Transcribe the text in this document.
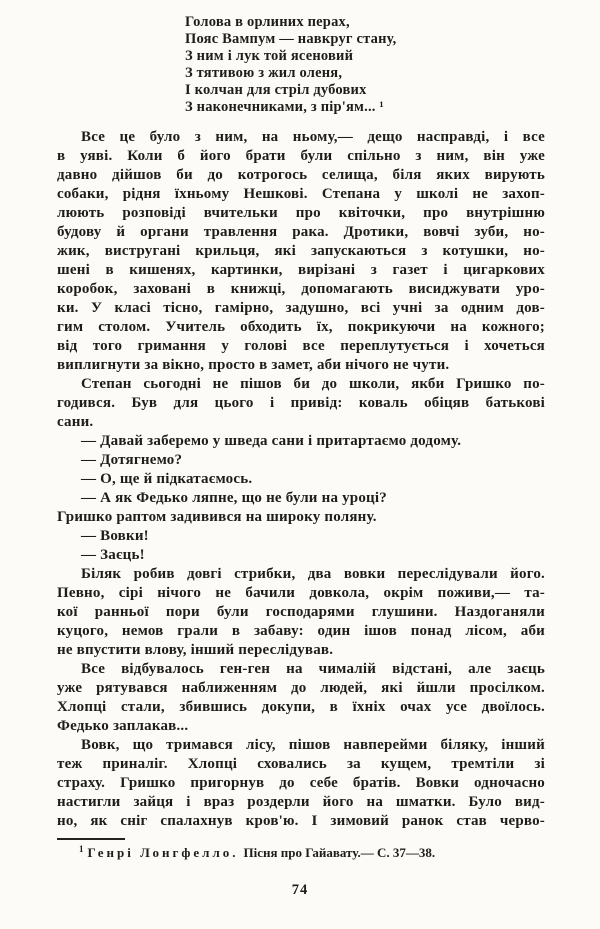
Голова в орлиних перах,
Пояс Вампум — навкруг стану,
З ним і лук той ясеновий
З тятивою з жил оленя,
І колчан для стріл дубових
З наконечниками, з пір'ям... ¹
Все це було з ним, на ньому,— дещо насправді, і все
в уяві. Коли б його брати були спільно з ним, він уже
давно дійшов би до котрогось селища, біля яких вирують
собаки, рідня їхньому Нешкові. Степана у школі не захоп-
люють розповіді вчительки про квіточки, про внутрішню
будову й органи травлення рака. Дротики, вовчі зуби, но-
жик, вистругані крильця, які запускаються з котушки, но-
шені в кишенях, картинки, вирізані з газет і цигаркових
коробок, заховані в книжці, допомагають висиджувати уро-
ки. У класі тісно, гамірно, задушно, всі учні за одним дов-
гим столом. Учитель обходить їх, покрикуючи на кожного;
від того гримання у голові все переплутується і хочеться
виплигнути за вікно, просто в замет, аби нічого не чути.
Степан сьогодні не пішов би до школи, якби Гришко по-
годився. Був для цього і привід: коваль обіцяв батькові
сани.
— Давай заберемо у шведа сани і притартаємо додому.
— Дотягнемо?
— О, ще й підкатаємось.
— А як Федько ляпне, що не були на уроці?
Гришко раптом задивився на широку поляну.
— Вовки!
— Заєць!
Біляк робив довгі стрибки, два вовки переслідували його.
Певно, сірі нічого не бачили довкола, окрім поживи,— та-
кої ранньої пори були господарями глушини. Наздоганяли
куцого, немов грали в забаву: один ішов понад лісом, аби
не впустити влову, інший переслідував.
Все відбувалось ген-ген на чималій відстані, але заєць
уже рятувався наближенням до людей, які йшли просілком.
Хлопці стали, збившись докупи, в їхніх очах усе двоїлось.
Федько заплакав...
Вовк, що тримався лісу, пішов навперейми біляку, інший
теж приналіг. Хлопці сховались за кущем, тремтіли зі
страху. Гришко пригорнув до себе братів. Вовки одночасно
настигли зайця і враз роздерли його на шматки. Було вид-
но, як сніг спалахнув кров'ю. І зимовий ранок став черво-
$^1$ Генрі Лонгфелло. Пісня про Гайавату.— С. 37—38.
74
